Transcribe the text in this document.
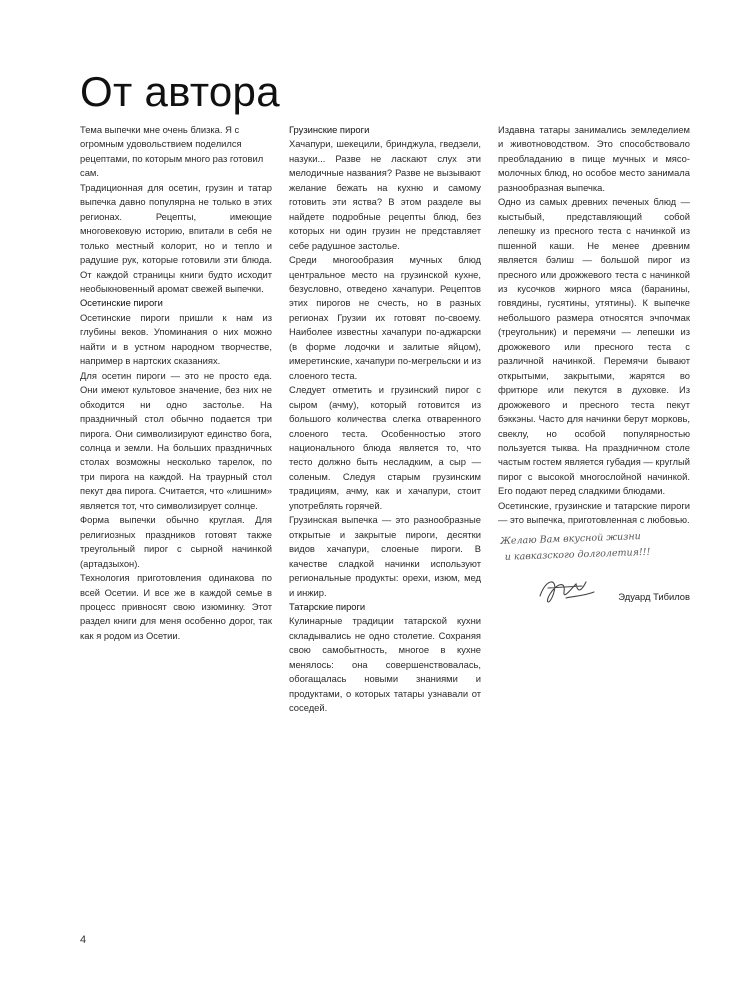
От автора

Тема выпечки мне очень близка. Я с огромным удовольствием поделился рецептами, по которым много раз готовил сам.

Традиционная для осетин, грузин и татар выпечка давно популярна не только в этих регионах. Рецепты, имеющие многовековую историю, впитали в себя не только местный колорит, но и тепло и радушие рук, которые готовили эти блюда. От каждой страницы книги будто исходит необыкновенный аромат свежей выпечки.

Осетинские пироги

Осетинские пироги пришли к нам из глубины веков. Упоминания о них можно найти и в устном народном творчестве, например в нартских сказаниях.

Для осетин пироги — это не просто еда. Они имеют культовое значение, без них не обходится ни одно застолье. На праздничный стол обычно подается три пирога. Они символизируют единство бога, солнца и земли. На больших праздничных столах возможны несколько тарелок, по три пирога на каждой. На траурный стол пекут два пирога. Считается, что «лишним» является тот, что символизирует солнце.

Форма выпечки обычно круглая. Для религиозных праздников готовят также треугольный пирог с сырной начинкой (артадзыхон).

Технология приготовления одинакова по всей Осетии. И все же в каждой семье в процесс привносят свою изюминку. Этот раздел книги для меня особенно дорог, так как я родом из Осетии.

Грузинские пироги

Хачапури, шекецили, бринджула, гведзели, назуки... Разве не ласкают слух эти мелодичные названия? Разве не вызывают желание бежать на кухню и самому готовить эти яства? В этом разделе вы найдете подробные рецепты блюд, без которых ни один грузин не представляет себе радушное застолье.

Среди многообразия мучных блюд центральное место на грузинской кухне, безусловно, отведено хачапури. Рецептов этих пирогов не счесть, но в разных регионах Грузии их готовят по-своему. Наиболее известны хачапури по-аджарски (в форме лодочки и залитые яйцом), имеретинские, хачапури по-мегрельски и из слоеного теста.

Следует отметить и грузинский пирог с сыром (ачму), который готовится из большого количества слегка отваренного слоеного теста. Особенностью этого национального блюда является то, что тесто должно быть несладким, а сыр — соленым. Следуя старым грузинским традициям, ачму, как и хачапури, стоит употреблять горячей.

Грузинская выпечка — это разнообразные открытые и закрытые пироги, десятки видов хачапури, слоеные пироги. В качестве сладкой начинки используют региональные продукты: орехи, изюм, мед и инжир.

Татарские пироги

Кулинарные традиции татарской кухни складывались не одно столетие. Сохраняя свою самобытность, многое в кухне менялось: она совершенствовалась, обогащалась новыми знаниями и продуктами, о которых татары узнавали от соседей.

Издавна татары занимались земледелием и животноводством. Это способствовало преобладанию в пище мучных и мясо-молочных блюд, но особое место занимала разнообразная выпечка.

Одно из самых древних печеных блюд — кыстыбый, представляющий собой лепешку из пресного теста с начинкой из пшенной каши. Не менее древним является бэлиш — большой пирог из пресного или дрожжевого теста с начинкой из кусочков жирного мяса (баранины, говядины, гусятины, утятины). К выпечке небольшого размера относятся эчпочмак (треугольник) и перемячи — лепешки из дрожжевого или пресного теста с различной начинкой. Перемячи бывают открытыми, закрытыми, жарятся во фритюре или пекутся в духовке. Из дрожжевого и пресного теста пекут бэккэны. Часто для начинки берут морковь, свеклу, но особой популярностью пользуется тыква. На праздничном столе частым гостем является губадия — круглый пирог с высокой многослойной начинкой. Его подают перед сладкими блюдами.

Осетинские, грузинские и татарские пироги — это выпечка, приготовленная с любовью.

Желаю Вам вкусной жизни
и кавказского долголетия!!!
Эдуард Тибилов
4
